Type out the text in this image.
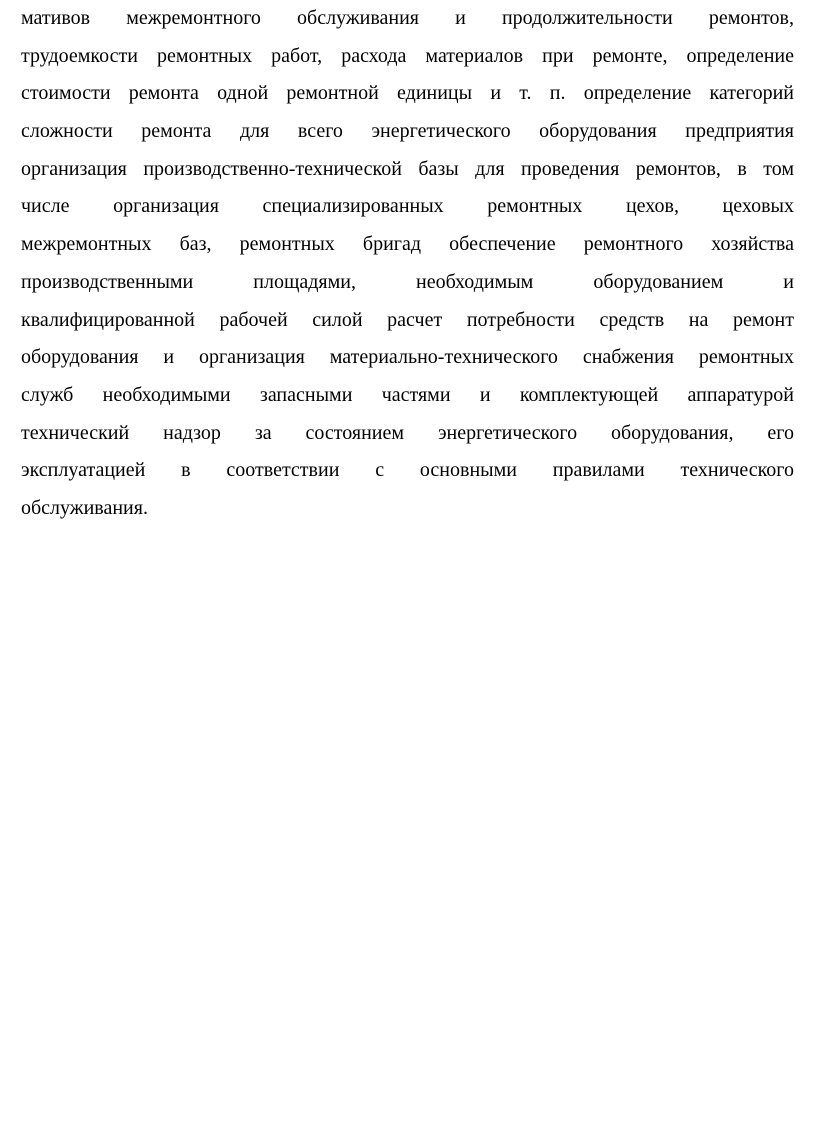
мативов межремонтного обслуживания и продолжительности ремонтов,
трудоемкости ремонтных работ, расхода материалов при ремонте, определение
стоимости ремонта одной ремонтной единицы и т. п. определение категорий
сложности ремонта для всего энергетического оборудования предприятия
организация производственно-технической базы для проведения ремонтов, в том
числе организация специализированных ремонтных цехов, цеховых
межремонтных баз, ремонтных бригад обеспечение ремонтного хозяйства
производственными площадями, необходимым оборудованием и
квалифицированной рабочей силой расчет потребности средств на ремонт
оборудования и организация материально-технического снабжения ремонтных
служб необходимыми запасными частями и комплектующей аппаратурой
технический надзор за состоянием энергетического оборудования, его
эксплуатацией в соответствии с основными правилами технического
обслуживания.
